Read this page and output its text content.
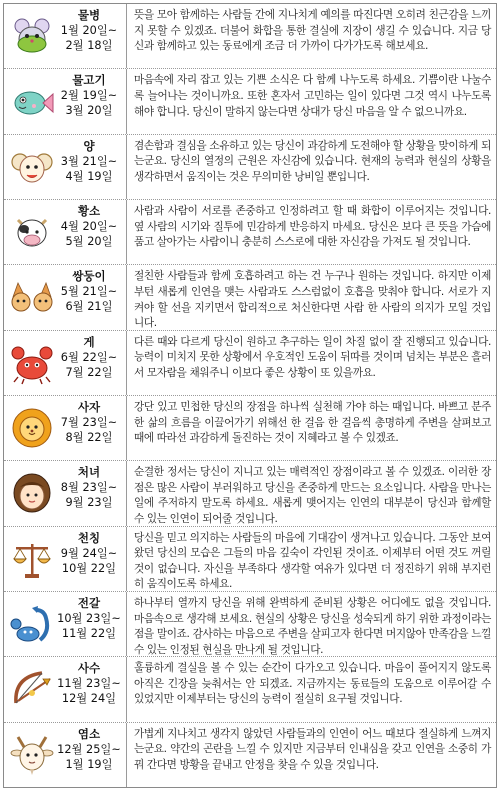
물병
1월 20일~
2월 18일
뜻을 모아 함께하는 사람들 간에 지나치게 예의를 따진다면 오히려 친근감을 느끼지 못할 수 있겠죠. 더불어 화합을 통한 결실에 지장이 생길 수 있습니다. 지금 당신과 함께하고 있는 동료에게 조금 더 가까이 다가가도록 해보세요.
물고기
2월 19일~
3월 20일
마음속에 자리 잡고 있는 기쁜 소식은 다 함께 나누도록 하세요. 기쁨이란 나눌수록 늘어나는 것이니까요. 또한 혼자서 고민하는 일이 있다면 그것 역시 나누도록 해야 합니다. 당신이 말하지 않는다면 상대가 당신 마음을 알 수 없으니까요.
양
3월 21일~
4월 19일
겸손함과 결심을 소유하고 있는 당신이 과감하게 도전해야 할 상황을 맞이하게 되는군요. 당신의 열정의 근원은 자신감에 있습니다. 현재의 능력과 현실의 상황을 생각하면서 움직이는 것은 무의미한 낭비일 뿐입니다.
황소
4월 20일~
5월 20일
사람과 사람이 서로를 존중하고 인정하려고 할 때 화합이 이루어지는 것입니다. 옆 사람의 시기와 질투에 민감하게 반응하지 마세요. 당신은 보다 큰 뜻을 가슴에 품고 살아가는 사람이니 충분히 스스로에 대한 자신감을 가져도 될 것입니다.
쌍둥이
5월 21일~
6월 21일
절친한 사람들과 함께 호흡하려고 하는 건 누구나 원하는 것입니다. 하지만 이제부턴 새롭게 인연을 맺는 사람과도 스스럼없이 호흡을 맞춰야 합니다. 서로가 지켜야 할 선을 지키면서 합리적으로 처신한다면 사람 한 사람의 의지가 모일 것입니다.
게
6월 22일~
7월 22일
다른 때와 다르게 당신이 원하고 추구하는 일이 차질 없이 잘 진행되고 있습니다. 능력이 미치지 못한 상황에서 우호적인 도움이 뒤따를 것이며 넘치는 부분은 흘러서 모자람을 채워주니 이보다 좋은 상황이 또 있을까요.
사자
7월 23일~
8월 22일
강단 있고 민첩한 당신의 장점을 하나씩 실천해 가야 하는 때입니다. 바쁘고 분주한 삶의 흐름을 이끌어가기 위해선 한 걸음 한 걸음씩 총명하게 주변을 살펴보고 때에 따라선 과감하게 돌진하는 것이 지혜라고 볼 수 있겠죠.
처녀
8월 23일~
9월 23일
순결한 정서는 당신이 지니고 있는 매력적인 장점이라고 볼 수 있겠죠. 이러한 장점은 많은 사람이 부러워하고 당신을 존중하게 만드는 요소입니다. 사람을 만나는 일에 주저하지 말도록 하세요. 새롭게 맺어지는 인연의 대부분이 당신과 함께할 수 있는 인연이 되어줄 것입니다.
천칭
9월 24일~
10월 22일
당신을 믿고 의지하는 사람들의 마음에 기대감이 생겨나고 있습니다. 그동안 보여왔던 당신의 모습은 그들의 마음 깊숙이 각인된 것이죠. 이제부터 어떤 것도 꺼릴 것이 없습니다. 자신을 부족하다 생각할 여유가 있다면 더 정진하기 위해 부지런히 움직이도록 하세요.
전갈
10월 23일~
11월 22일
하나부터 열까지 당신을 위해 완벽하게 준비된 상황은 어디에도 없을 것입니다. 마음속으로 생각해 보세요. 현실의 상황은 당신을 성숙되게 하기 위한 과정이라는 점을 말이죠. 감사하는 마음으로 주변을 살피고자 한다면 머지않아 만족감을 느낄 수 있는 인정된 현실을 만나게 될 것입니다.
사수
11월 23일~
12월 24일
훌륭하게 결실을 볼 수 있는 순간이 다가오고 있습니다. 마음이 풀어지지 않도록 아직은 긴장을 늦춰서는 안 되겠죠. 지금까지는 동료들의 도움으로 이루어갈 수 있었지만 이제부터는 당신의 능력이 절실히 요구될 것입니다.
염소
12월 25일~
1월 19일
가볍게 지나치고 생각지 않았던 사람들과의 인연이 어느 때보다 절실하게 느껴지는군요. 약간의 곤란을 느낄 수 있지만 지금부터 인내심을 갖고 인연을 소중히 가꿔 간다면 방황을 끝내고 안정을 찾을 수 있을 것입니다.
